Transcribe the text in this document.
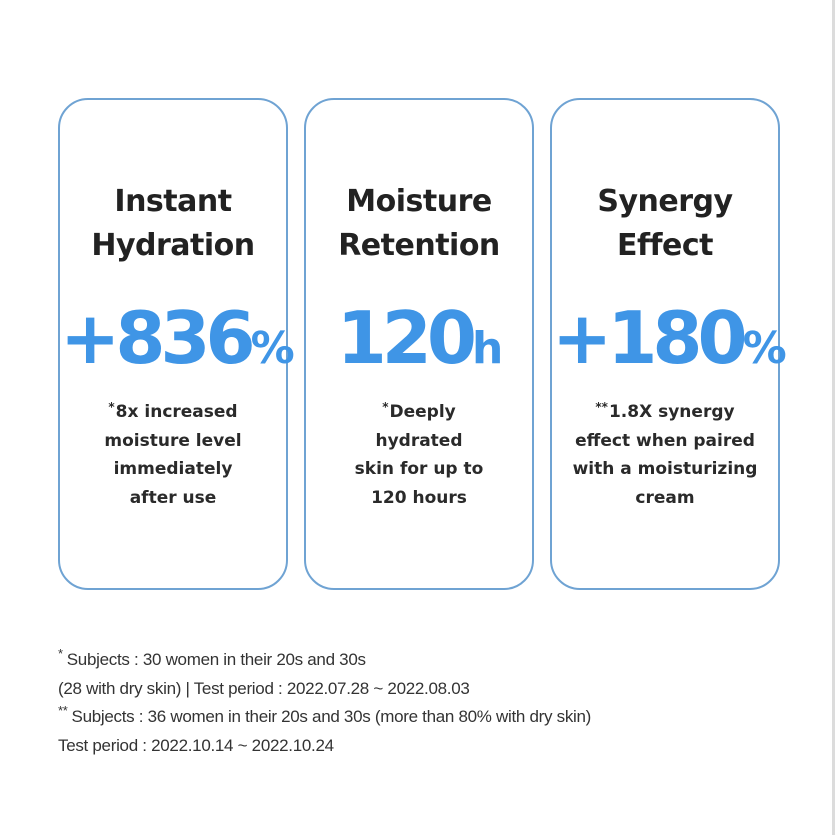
Instant
Hydration
+836%
*8x increased
moisture level
immediately
after use
Moisture
Retention
120h
*Deeply
hydrated
skin for up to
120 hours
Synergy
Effect
+180%
**1.8X synergy
effect when paired
with a moisturizing
cream
* Subjects : 30 women in their 20s and 30s
(28 with dry skin) | Test period : 2022.07.28 ~ 2022.08.03
** Subjects : 36 women in their 20s and 30s (more than 80% with dry skin)
Test period : 2022.10.14 ~ 2022.10.24
